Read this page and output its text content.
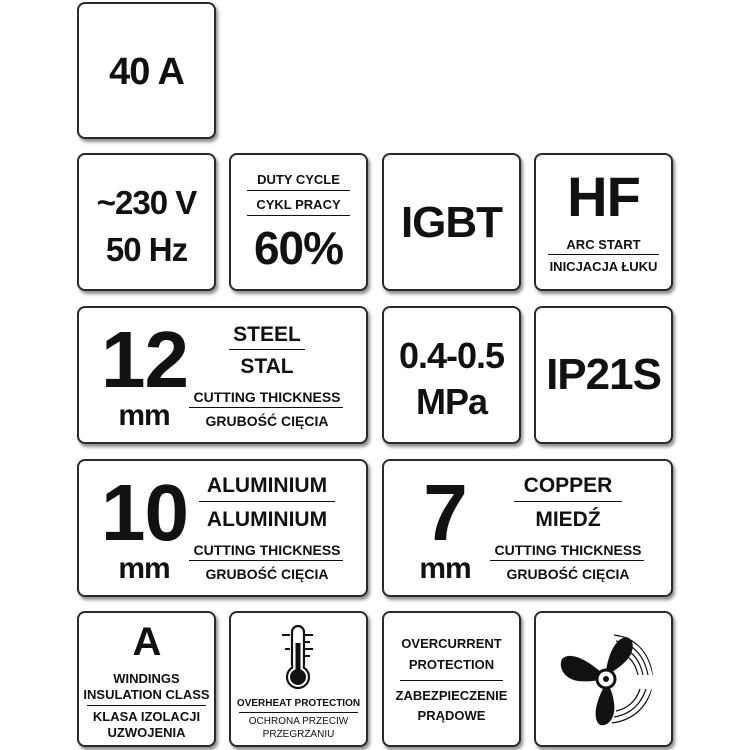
40 A
~230 V
50 Hz
DUTY CYCLE
CYKL PRACY
60%	IGBT	HF
ARC START
INICJACJA ŁUKU
12
mm
STEEL
STAL
CUTTING THICKNESS
GRUBOŚĆ CIĘCIA
0.4-0.5
MPa
IP21S
10
mm
ALUMINIUM
ALUMINIUM
CUTTING THICKNESS
GRUBOŚĆ CIĘCIA
7
mm
COPPER
MIEDŹ
CUTTING THICKNESS
GRUBOŚĆ CIĘCIA
A
WINDINGS
INSULATION CLASS
KLASA IZOLACJI
UZWOJENIA
OVERHEAT PROTECTION
OCHRONA PRZECIW
PRZEGRZANIU
OVERCURRENT
PROTECTION
ZABEZPIECZENIE
PRĄDOWE
